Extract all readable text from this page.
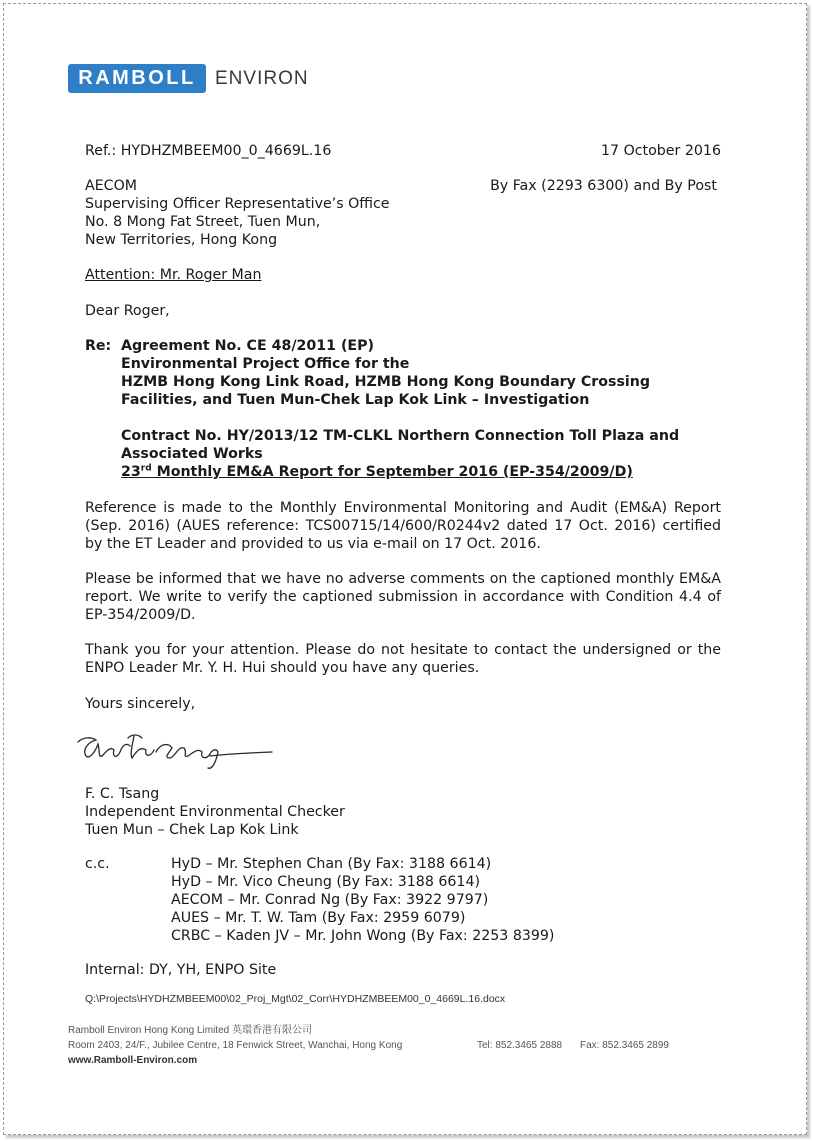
RAMBOLL	ENVIRON
Ref.: HYDHZMBEEM00_0_4669L.16	17 October 2016
AECOM	By Fax (2293 6300) and By Post
Supervising Officer Representative’s Office
No. 8 Mong Fat Street, Tuen Mun,
New Territories, Hong Kong
Attention: Mr. Roger Man
Dear Roger,
Re: Agreement No. CE 48/2011 (EP)
Environmental Project Office for the
HZMB Hong Kong Link Road, HZMB Hong Kong Boundary Crossing
Facilities, and Tuen Mun-Chek Lap Kok Link – Investigation
Contract No. HY/2013/12 TM-CLKL Northern Connection Toll Plaza and
Associated Works
23rd Monthly EM&A Report for September 2016 (EP-354/2009/D)
Reference is made to the Monthly Environmental Monitoring and Audit (EM&A) Report (Sep. 2016) (AUES reference: TCS00715/14/600/R0244v2 dated 17 Oct. 2016) certified by the ET Leader and provided to us via e-mail on 17 Oct. 2016.
Please be informed that we have no adverse comments on the captioned monthly EM&A report. We write to verify the captioned submission in accordance with Condition 4.4 of EP-354/2009/D.
Thank you for your attention. Please do not hesitate to contact the undersigned or the ENPO Leader Mr. Y. H. Hui should you have any queries.
Yours sincerely,
F. C. Tsang
Independent Environmental Checker
Tuen Mun – Chek Lap Kok Link
c.c.	HyD – Mr. Stephen Chan (By Fax: 3188 6614)
HyD – Mr. Vico Cheung (By Fax: 3188 6614)
AECOM – Mr. Conrad Ng (By Fax: 3922 9797)
AUES – Mr. T. W. Tam (By Fax: 2959 6079)
CRBC – Kaden JV – Mr. John Wong (By Fax: 2253 8399)
Internal: DY, YH, ENPO Site
Q:\Projects\HYDHZMBEEM00\02_Proj_Mgt\02_Corr\HYDHZMBEEM00_0_4669L.16.docx
Ramboll Environ Hong Kong Limited 英環香港有限公司
Room 2403, 24/F., Jubilee Centre, 18 Fenwick Street, Wanchai, Hong Kong	Tel: 852.3465 2888 Fax: 852.3465 2899
www.Ramboll-Environ.com
